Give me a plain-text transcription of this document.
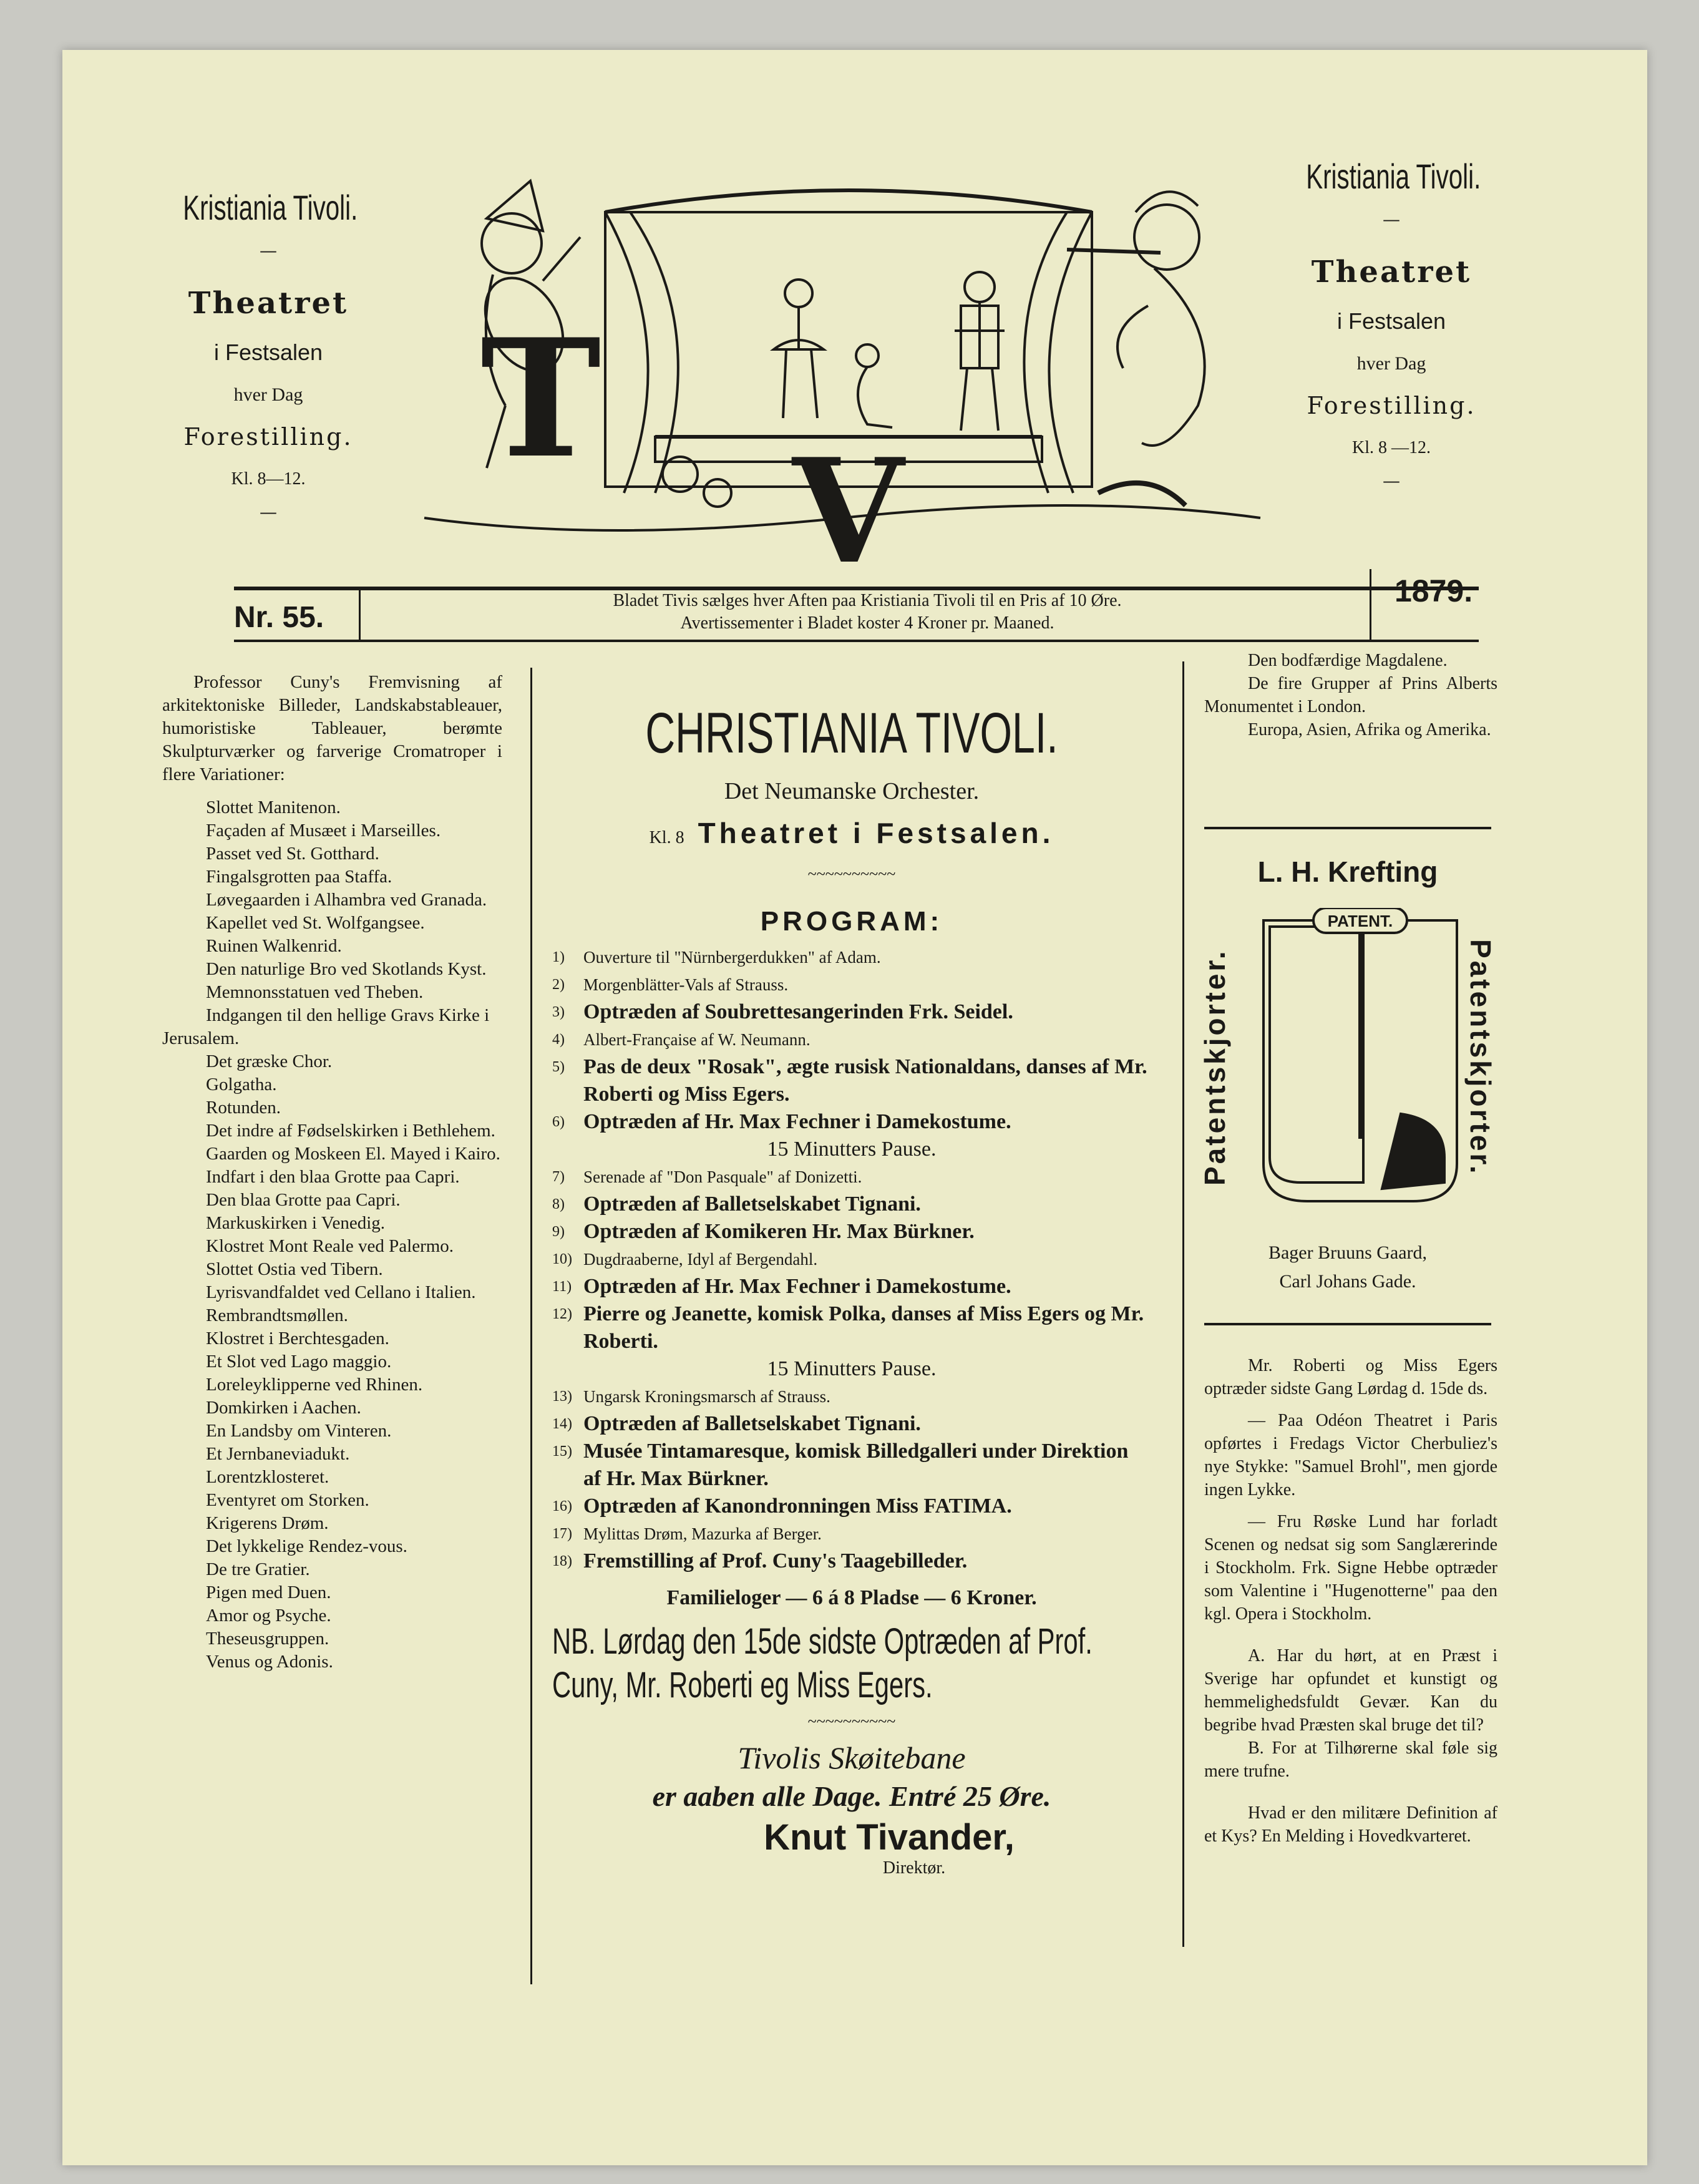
Kristiania Tivoli.
—
Theatret
i Festsalen
hver Dag
Forestilling.
Kl. 8—12.
—
Kristiania Tivoli.
—
Theatret
i Festsalen
hver Dag
Forestilling.
Kl. 8 —12.
—
T
V
Nr. 55.
Bladet Tivis sælges hver Aften paa Kristiania Tivoli til en Pris af 10 Øre.
Avertissementer i Bladet koster 4 Kroner pr. Maaned.
1879.
Professor Cuny's Fremvisning af arkitektoniske Billeder, Landskabstableauer, humoristiske Tableauer, berømte Skulpturværker og farverige Cromatroper i flere Variationer:
Slottet Manitenon.
Façaden af Musæet i Marseilles.
Passet ved St. Gotthard.
Fingalsgrotten paa Staffa.
Løvegaarden i Alhambra ved Granada.
Kapellet ved St. Wolfgangsee.
Ruinen Walkenrid.
Den naturlige Bro ved Skotlands Kyst.
Memnonsstatuen ved Theben.
Indgangen til den hellige Gravs Kirke i Jerusalem.
Det græske Chor.
Golgatha.
Rotunden.
Det indre af Fødselskirken i Bethlehem.
Gaarden og Moskeen El. Mayed i Kairo.
Indfart i den blaa Grotte paa Capri.
Den blaa Grotte paa Capri.
Markuskirken i Venedig.
Klostret Mont Reale ved Palermo.
Slottet Ostia ved Tibern.
Lyrisvandfaldet ved Cellano i Italien.
Rembrandtsmøllen.
Klostret i Berchtesgaden.
Et Slot ved Lago maggio.
Loreleyklipperne ved Rhinen.
Domkirken i Aachen.
En Landsby om Vinteren.
Et Jernbaneviadukt.
Lorentzklosteret.
Eventyret om Storken.
Krigerens Drøm.
Det lykkelige Rendez-vous.
De tre Gratier.
Pigen med Duen.
Amor og Psyche.
Theseusgruppen.
Venus og Adonis.
CHRISTIANIA TIVOLI.
Det Neumanske Orchester.
Kl. 8 Theatret i Festsalen.
~~~~~~~~~~
PROGRAM:
1)	Ouverture til "Nürnbergerdukken" af Adam.
2)	Morgenblätter-Vals af Strauss.
3) Optræden af Soubrettesangerinden Frk. Seidel.
4)	Albert-Française af W. Neumann.
5) Pas de deux "Rosak", ægte rusisk Nationaldans, danses af Mr. Roberti og Miss Egers.
6) Optræden af Hr. Max Fechner i Damekostume.
15 Minutters Pause.
7)	Serenade af "Don Pasquale" af Donizetti.
8) Optræden af Balletselskabet Tignani.
9) Optræden af Komikeren Hr. Max Bürkner.
10) Dugdraaberne, Idyl af Bergendahl.
11) Optræden af Hr. Max Fechner i Damekostume.
12) Pierre og Jeanette, komisk Polka, danses af Miss Egers og Mr. Roberti.
15 Minutters Pause.
13) Ungarsk Kroningsmarsch af Strauss.
14) Optræden af Balletselskabet Tignani.
15) Musée Tintamaresque, komisk Billedgalleri under Direktion af Hr. Max Bürkner.
16) Optræden af Kanondronningen Miss FATIMA.
17) Mylittas Drøm, Mazurka af Berger.
18) Fremstilling af Prof. Cuny's Taagebilleder.
Familieloger — 6 á 8 Pladse — 6 Kroner.
NB. Lørdag den 15de sidste Optræden af Prof. Cuny, Mr. Roberti eg Miss Egers.
~~~~~~~~~~
Tivolis Skøitebane
er aaben alle Dage. Entré 25 Øre.
Knut Tivander,
Direktør.
Den bodfærdige Magdalene.
De fire Grupper af Prins Alberts Monumentet i London.
Europa, Asien, Afrika og Amerika.
L. H. Krefting
PATENT.
Patentskjorter.	Patentskjorter.
Bager Bruuns Gaard,
Carl Johans Gade.
Mr. Roberti og Miss Egers optræder sidste Gang Lørdag d. 15de ds.
— Paa Odéon Theatret i Paris opførtes i Fredags Victor Cherbuliez's nye Stykke: "Samuel Brohl", men gjorde ingen Lykke.
— Fru Røske Lund har forladt Scenen og nedsat sig som Sanglærerinde i Stockholm. Frk. Signe Hebbe optræder som Valentine i "Hugenotterne" paa den kgl. Opera i Stockholm.
A. Har du hørt, at en Præst i Sverige har opfundet et kunstigt og hemmelighedsfuldt Gevær. Kan du begribe hvad Præsten skal bruge det til?
B. For at Tilhørerne skal føle sig mere trufne.
Hvad er den militære Definition af et Kys? En Melding i Hovedkvarteret.
